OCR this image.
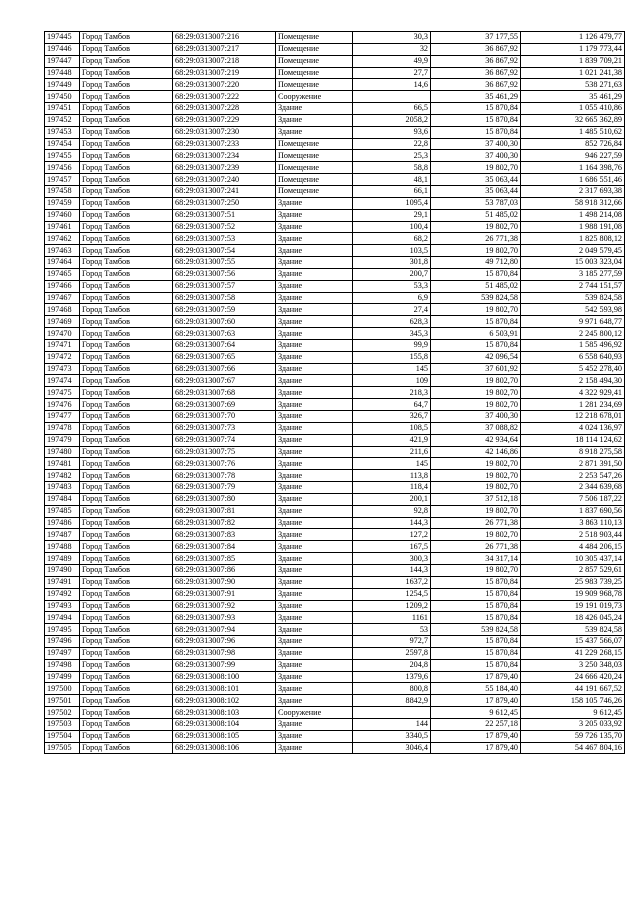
197445	Город Тамбов	68:29:0313007:216	Помещение	30,3	37 177,55	1 126 479,77
197446	Город Тамбов	68:29:0313007:217	Помещение	32	36 867,92	1 179 773,44
197447	Город Тамбов	68:29:0313007:218	Помещение	49,9	36 867,92	1 839 709,21
197448	Город Тамбов	68:29:0313007:219	Помещение	27,7	36 867,92	1 021 241,38
197449	Город Тамбов	68:29:0313007:220	Помещение	14,6	36 867,92	538 271,63
197450	Город Тамбов	68:29:0313007:222	Сооружение		35 461,29	35 461,29
197451	Город Тамбов	68:29:0313007:228	Здание	66,5	15 870,84	1 055 410,86
197452	Город Тамбов	68:29:0313007:229	Здание	2058,2	15 870,84	32 665 362,89
197453	Город Тамбов	68:29:0313007:230	Здание	93,6	15 870,84	1 485 510,62
197454	Город Тамбов	68:29:0313007:233	Помещение	22,8	37 400,30	852 726,84
197455	Город Тамбов	68:29:0313007:234	Помещение	25,3	37 400,30	946 227,59
197456	Город Тамбов	68:29:0313007:239	Помещение	58,8	19 802,70	1 164 398,76
197457	Город Тамбов	68:29:0313007:240	Помещение	48,1	35 063,44	1 686 551,46
197458	Город Тамбов	68:29:0313007:241	Помещение	66,1	35 063,44	2 317 693,38
197459	Город Тамбов	68:29:0313007:250	Здание	1095,4	53 787,03	58 918 312,66
197460	Город Тамбов	68:29:0313007:51	Здание	29,1	51 485,02	1 498 214,08
197461	Город Тамбов	68:29:0313007:52	Здание	100,4	19 802,70	1 988 191,08
197462	Город Тамбов	68:29:0313007:53	Здание	68,2	26 771,38	1 825 808,12
197463	Город Тамбов	68:29:0313007:54	Здание	103,5	19 802,70	2 049 579,45
197464	Город Тамбов	68:29:0313007:55	Здание	301,8	49 712,80	15 003 323,04
197465	Город Тамбов	68:29:0313007:56	Здание	200,7	15 870,84	3 185 277,59
197466	Город Тамбов	68:29:0313007:57	Здание	53,3	51 485,02	2 744 151,57
197467	Город Тамбов	68:29:0313007:58	Здание	6,9	539 824,58	539 824,58
197468	Город Тамбов	68:29:0313007:59	Здание	27,4	19 802,70	542 593,98
197469	Город Тамбов	68:29:0313007:60	Здание	628,3	15 870,84	9 971 648,77
197470	Город Тамбов	68:29:0313007:63	Здание	345,3	6 503,91	2 245 800,12
197471	Город Тамбов	68:29:0313007:64	Здание	99,9	15 870,84	1 585 496,92
197472	Город Тамбов	68:29:0313007:65	Здание	155,8	42 096,54	6 558 640,93
197473	Город Тамбов	68:29:0313007:66	Здание	145	37 601,92	5 452 278,40
197474	Город Тамбов	68:29:0313007:67	Здание	109	19 802,70	2 158 494,30
197475	Город Тамбов	68:29:0313007:68	Здание	218,3	19 802,70	4 322 929,41
197476	Город Тамбов	68:29:0313007:69	Здание	64,7	19 802,70	1 281 234,69
197477	Город Тамбов	68:29:0313007:70	Здание	326,7	37 400,30	12 218 678,01
197478	Город Тамбов	68:29:0313007:73	Здание	108,5	37 088,82	4 024 136,97
197479	Город Тамбов	68:29:0313007:74	Здание	421,9	42 934,64	18 114 124,62
197480	Город Тамбов	68:29:0313007:75	Здание	211,6	42 146,86	8 918 275,58
197481	Город Тамбов	68:29:0313007:76	Здание	145	19 802,70	2 871 391,50
197482	Город Тамбов	68:29:0313007:78	Здание	113,8	19 802,70	2 253 547,26
197483	Город Тамбов	68:29:0313007:79	Здание	118,4	19 802,70	2 344 639,68
197484	Город Тамбов	68:29:0313007:80	Здание	200,1	37 512,18	7 506 187,22
197485	Город Тамбов	68:29:0313007:81	Здание	92,8	19 802,70	1 837 690,56
197486	Город Тамбов	68:29:0313007:82	Здание	144,3	26 771,38	3 863 110,13
197487	Город Тамбов	68:29:0313007:83	Здание	127,2	19 802,70	2 518 903,44
197488	Город Тамбов	68:29:0313007:84	Здание	167,5	26 771,38	4 484 206,15
197489	Город Тамбов	68:29:0313007:85	Здание	300,3	34 317,14	10 305 437,14
197490	Город Тамбов	68:29:0313007:86	Здание	144,3	19 802,70	2 857 529,61
197491	Город Тамбов	68:29:0313007:90	Здание	1637,2	15 870,84	25 983 739,25
197492	Город Тамбов	68:29:0313007:91	Здание	1254,5	15 870,84	19 909 968,78
197493	Город Тамбов	68:29:0313007:92	Здание	1209,2	15 870,84	19 191 019,73
197494	Город Тамбов	68:29:0313007:93	Здание	1161	15 870,84	18 426 045,24
197495	Город Тамбов	68:29:0313007:94	Здание	53	539 824,58	539 824,58
197496	Город Тамбов	68:29:0313007:96	Здание	972,7	15 870,84	15 437 566,07
197497	Город Тамбов	68:29:0313007:98	Здание	2597,8	15 870,84	41 229 268,15
197498	Город Тамбов	68:29:0313007:99	Здание	204,8	15 870,84	3 250 348,03
197499	Город Тамбов	68:29:0313008:100	Здание	1379,6	17 879,40	24 666 420,24
197500	Город Тамбов	68:29:0313008:101	Здание	800,8	55 184,40	44 191 667,52
197501	Город Тамбов	68:29:0313008:102	Здание	8842,9	17 879,40	158 105 746,26
197502	Город Тамбов	68:29:0313008:103	Сооружение		9 612,45	9 612,45
197503	Город Тамбов	68:29:0313008:104	Здание	144	22 257,18	3 205 033,92
197504	Город Тамбов	68:29:0313008:105	Здание	3340,5	17 879,40	59 726 135,70
197505	Город Тамбов	68:29:0313008:106	Здание	3046,4	17 879,40	54 467 804,16
